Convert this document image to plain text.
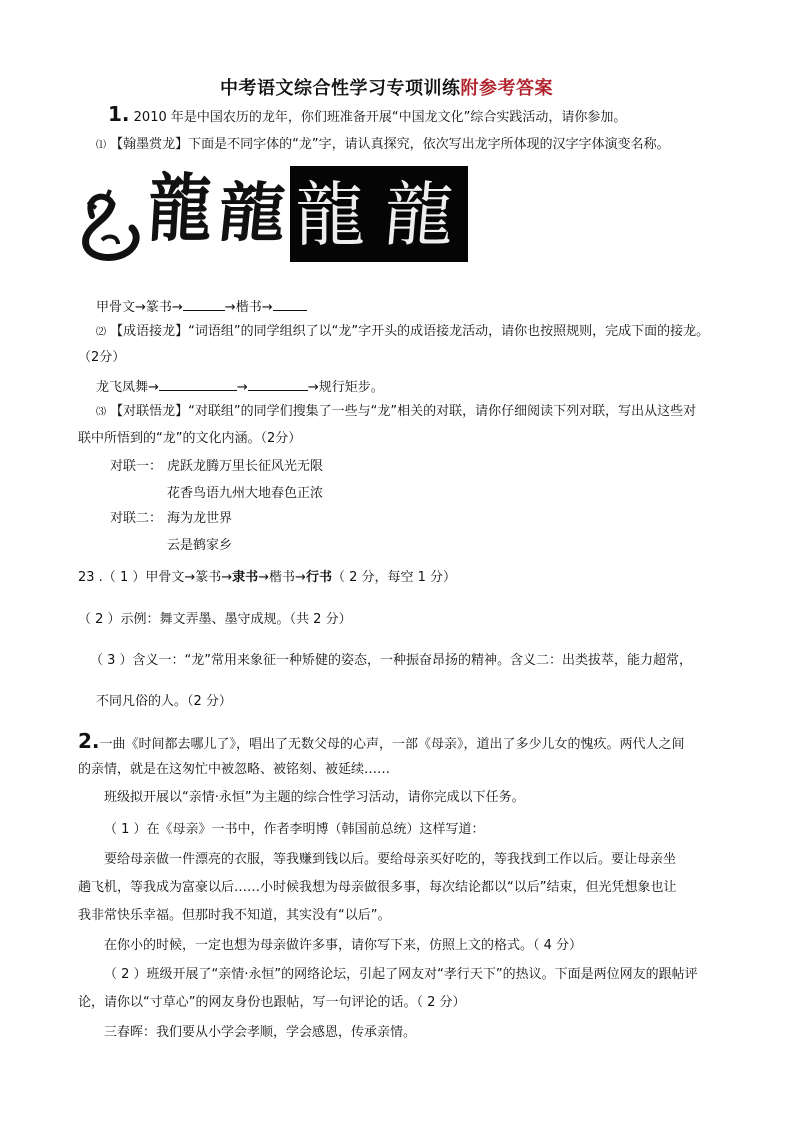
中考语文综合性学习专项训练附参考答案
1. 2010 年是中国农历的龙年，你们班准备开展“中国龙文化”综合实践活动，请你参加。
⑴ 【翰墨赏龙】下面是不同字体的“龙”字，请认真探究，依次写出龙字所体现的汉字字体演变名称。
龍 龍 龍 龍
甲骨文→篆书→	→楷书→
⑵ 【成语接龙】“词语组”的同学组织了以“龙”字开头的成语接龙活动，请你也按照规则，完成下面的接龙。
（2分）
龙飞凤舞→	→	→规行矩步。
⑶ 【对联悟龙】“对联组”的同学们搜集了一些与“龙”相关的对联，请你仔细阅读下列对联，写出从这些对
联中所悟到的“龙”的文化内涵。（2分）
对联一： 虎跃龙腾万里长征风光无限
花香鸟语九州大地春色正浓
对联二： 海为龙世界
云是鹤家乡
23 .（ 1 ）甲骨文→篆书→隶书→楷书→行书（ 2 分，每空 1 分）
（ 2 ）示例：舞文弄墨、墨守成规。（共 2 分）
（ 3 ）含义一：“龙”常用来象征一种矫健的姿态，一种振奋昂扬的精神。含义二：出类拔萃，能力超常，
不同凡俗的人。（2 分）
2.一曲《时间都去哪儿了》，唱出了无数父母的心声，一部《母亲》，道出了多少儿女的愧疚。两代人之间
的亲情，就是在这匆忙中被忽略、被铭刻、被延续……
班级拟开展以“亲情·永恒”为主题的综合性学习活动，请你完成以下任务。
（ 1 ）在《母亲》一书中，作者李明博（韩国前总统）这样写道：
要给母亲做一件漂亮的衣服，等我赚到钱以后。要给母亲买好吃的，等我找到工作以后。要让母亲坐
趟飞机，等我成为富豪以后……小时候我想为母亲做很多事，每次结论都以“以后”结束，但光凭想象也让
我非常快乐幸福。但那时我不知道，其实没有“以后”。
在你小的时候，一定也想为母亲做许多事，请你写下来，仿照上文的格式。（ 4 分）
（ 2 ）班级开展了“亲情·永恒”的网络论坛，引起了网友对“孝行天下”的热议。下面是两位网友的跟帖评
论，请你以“寸草心”的网友身份也跟帖，写一句评论的话。（ 2 分）
三春晖：我们要从小学会孝顺，学会感恩，传承亲情。
